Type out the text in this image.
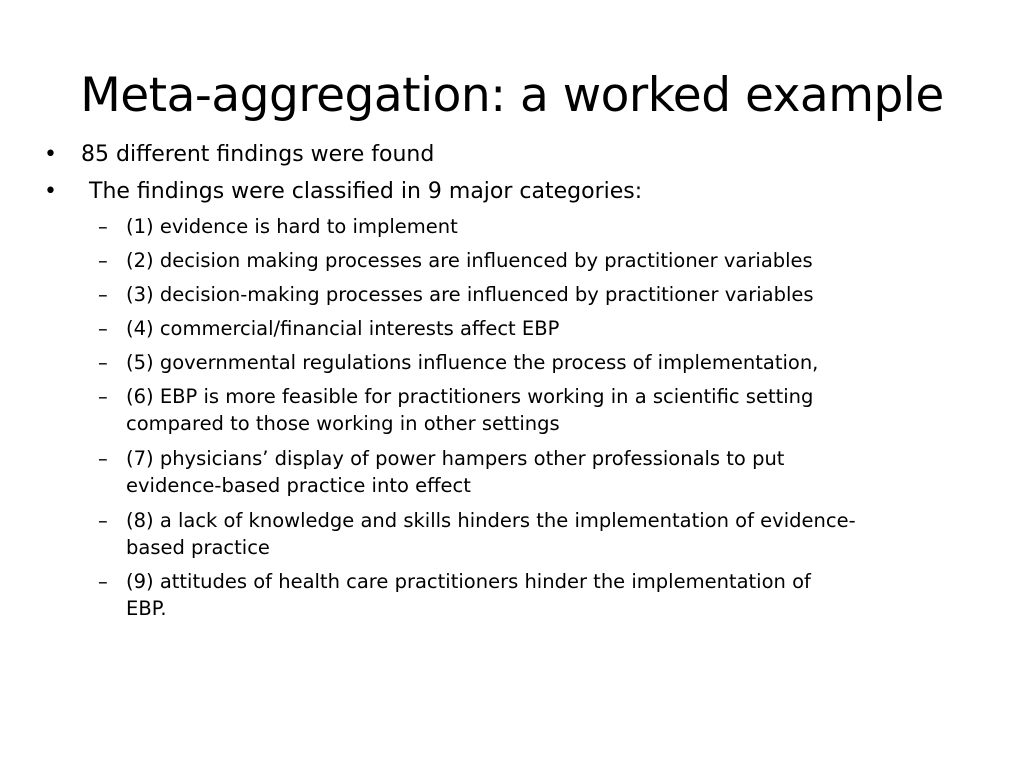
Meta-aggregation: a worked example
• 85 different findings were found
• The findings were classified in 9 major categories:
– (1) evidence is hard to implement
– (2) decision making processes are influenced by practitioner variables
– (3) decision-making processes are influenced by practitioner variables
– (4) commercial/financial interests affect EBP
– (5) governmental regulations influence the process of implementation,
– (6) EBP is more feasible for practitioners working in a scientific setting
compared to those working in other settings
– (7) physicians’ display of power hampers other professionals to put
evidence-based practice into effect
– (8) a lack of knowledge and skills hinders the implementation of evidence-
based practice
– (9) attitudes of health care practitioners hinder the implementation of
EBP.
